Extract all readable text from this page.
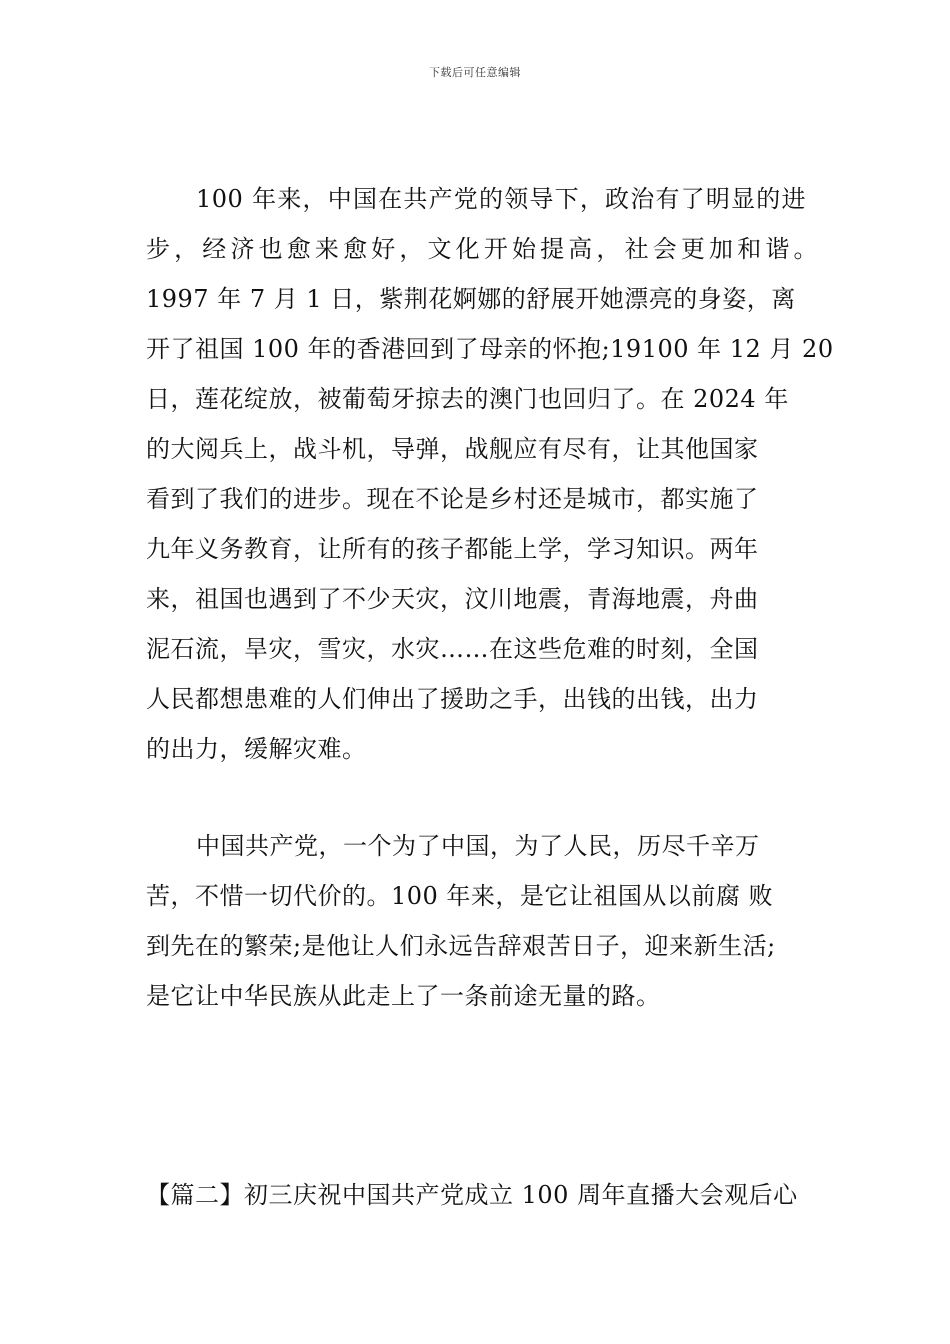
下载后可任意编辑
100 年来，中国在共产党的领导下，政治有了明显的进
步，经济也愈来愈好，文化开始提高，社会更加和谐。
1997 年 7 月 1 日，紫荆花婀娜的舒展开她漂亮的身姿，离
开了祖国 100 年的香港回到了母亲的怀抱;19100 年 12 月 20
日，莲花绽放，被葡萄牙掠去的澳门也回归了。在 2024 年
的大阅兵上，战斗机，导弹，战舰应有尽有，让其他国家
看到了我们的进步。现在不论是乡村还是城市，都实施了
九年义务教育，让所有的孩子都能上学，学习知识。两年
来，祖国也遇到了不少天灾，汶川地震，青海地震，舟曲
泥石流，旱灾，雪灾，水灾……在这些危难的时刻，全国
人民都想患难的人们伸出了援助之手，出钱的出钱，出力
的出力，缓解灾难。
中国共产党，一个为了中国，为了人民，历尽千辛万
苦，不惜一切代价的。100 年来，是它让祖国从以前腐 败
到先在的繁荣;是他让人们永远告辞艰苦日子，迎来新生活;
是它让中华民族从此走上了一条前途无量的路。
【篇二】初三庆祝中国共产党成立 100 周年直播大会观后心
